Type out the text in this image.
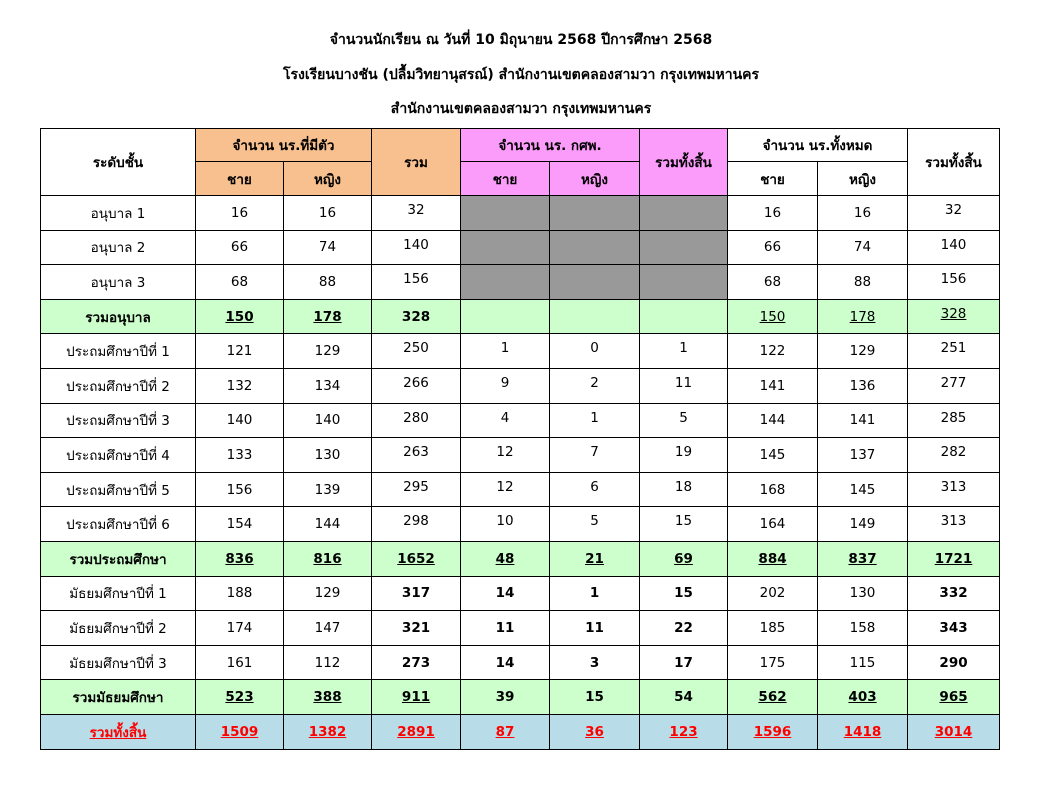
จำนวนนักเรียน ณ วันที่ 10 มิถุนายน 2568 ปีการศึกษา 2568
โรงเรียนบางชัน (ปลื้มวิทยานุสรณ์) สำนักงานเขตคลองสามวา กรุงเทพมหานคร
สำนักงานเขตคลองสามวา กรุงเทพมหานคร
ระดับชั้น	จำนวน นร.ที่มีตัว		รวม	จำนวน นร. กศพ.		รวมทั้งสิ้น	จำนวน นร.ทั้งหมด		รวมทั้งสิ้น
	ชาย	หญิง		ชาย	หญิง		ชาย	หญิง	
อนุบาล 1	16	16	32				16	16	32
อนุบาล 2	66	74	140				66	74	140
อนุบาล 3	68	88	156				68	88	156
รวมอนุบาล	150	178	328				150	178	328
ประถมศึกษาปีที่ 1	121	129	250	1	0	1	122	129	251
ประถมศึกษาปีที่ 2	132	134	266	9	2	11	141	136	277
ประถมศึกษาปีที่ 3	140	140	280	4	1	5	144	141	285
ประถมศึกษาปีที่ 4	133	130	263	12	7	19	145	137	282
ประถมศึกษาปีที่ 5	156	139	295	12	6	18	168	145	313
ประถมศึกษาปีที่ 6	154	144	298	10	5	15	164	149	313
รวมประถมศึกษา	836	816	1652	48	21	69	884	837	1721
มัธยมศึกษาปีที่ 1	188	129	317	14	1	15	202	130	332
มัธยมศึกษาปีที่ 2	174	147	321	11	11	22	185	158	343
มัธยมศึกษาปีที่ 3	161	112	273	14	3	17	175	115	290
รวมมัธยมศึกษา	523	388	911	39	15	54	562	403	965
รวมทั้งสิ้น	1509	1382	2891	87	36	123	1596	1418	3014
